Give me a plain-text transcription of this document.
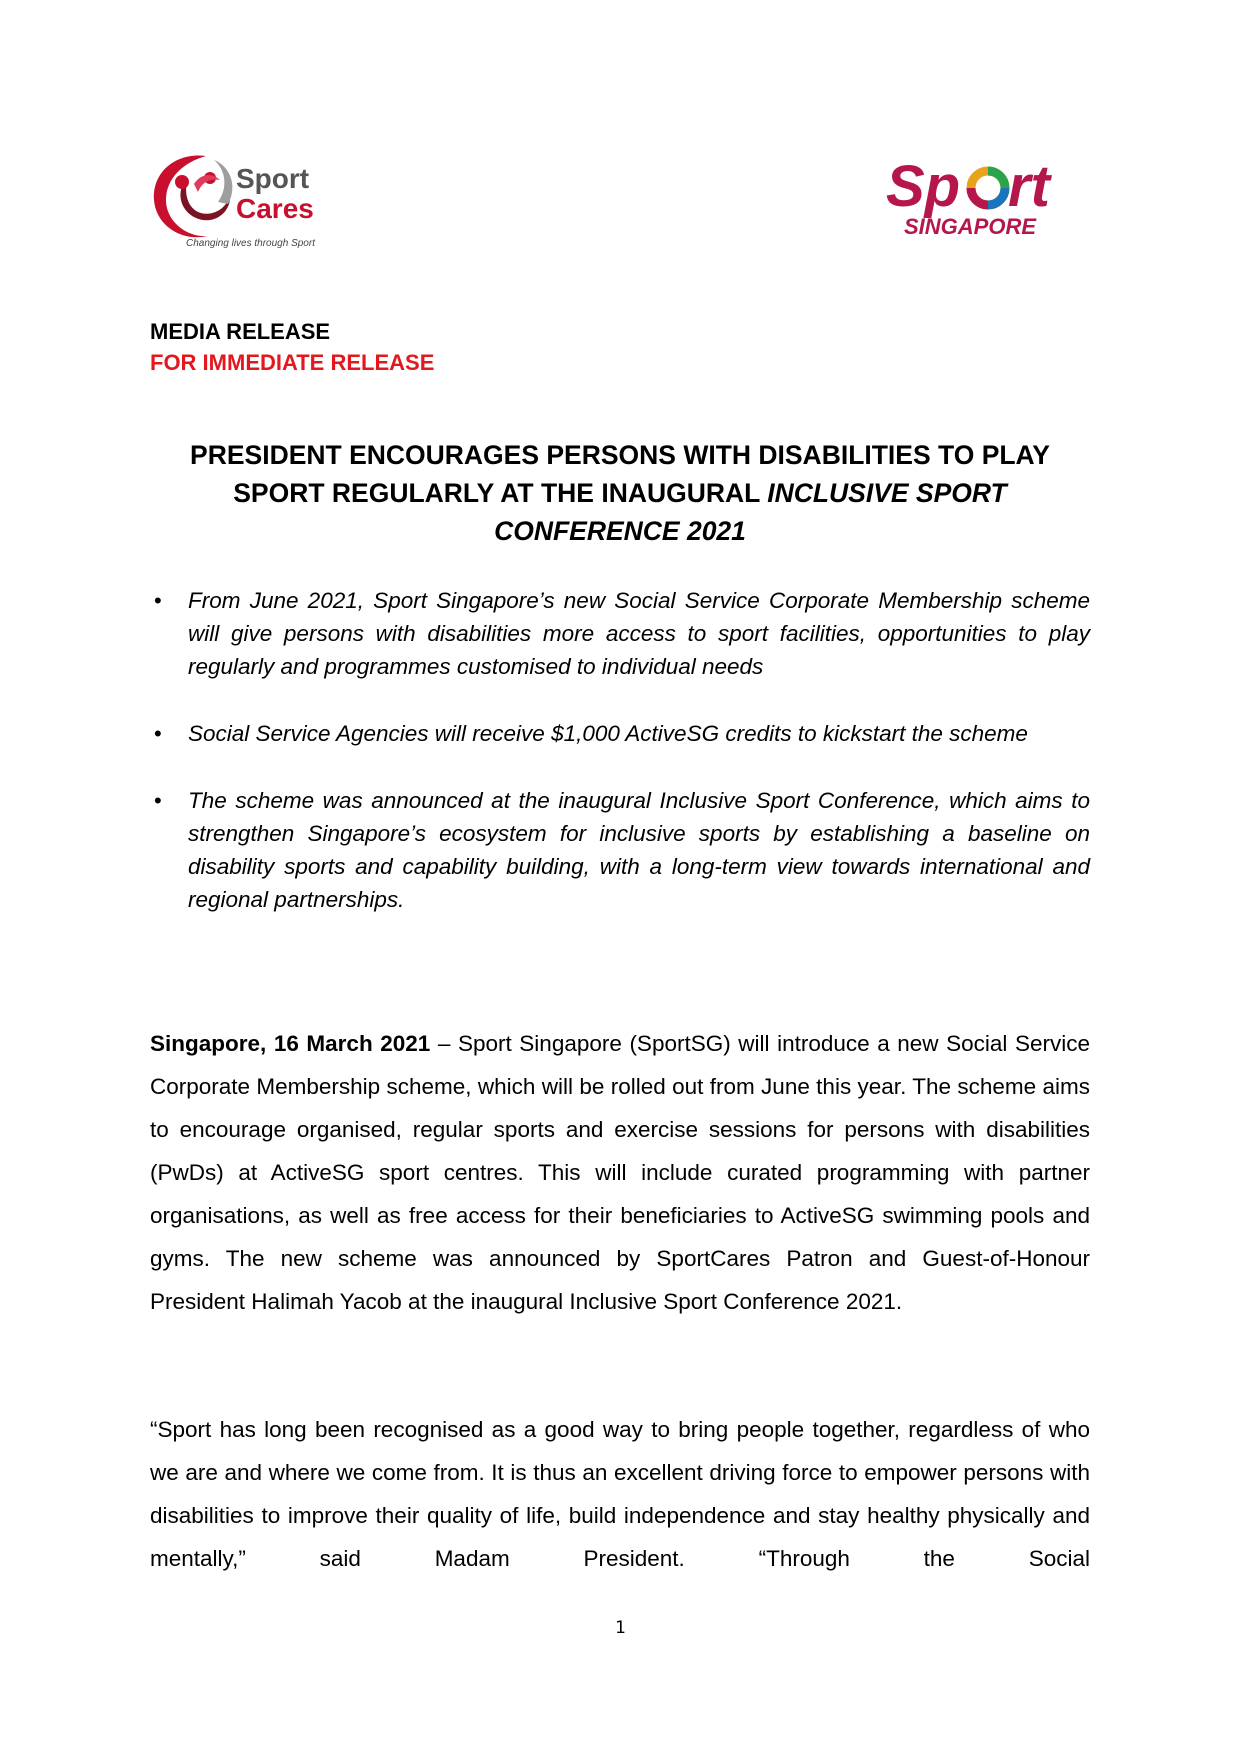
Sport
Cares
Changing lives through Sport
Sp rt
SINGAPORE
MEDIA RELEASE
FOR IMMEDIATE RELEASE
PRESIDENT ENCOURAGES PERSONS WITH DISABILITIES TO PLAY SPORT REGULARLY AT THE INAUGURAL INCLUSIVE SPORT CONFERENCE 2021
• From June 2021, Sport Singapore’s new Social Service Corporate Membership scheme will give persons with disabilities more access to sport facilities, opportunities to play regularly and programmes customised to individual needs
• Social Service Agencies will receive $1,000 ActiveSG credits to kickstart the scheme
• The scheme was announced at the inaugural Inclusive Sport Conference, which aims to strengthen Singapore’s ecosystem for inclusive sports by establishing a baseline on disability sports and capability building, with a long-term view towards international and regional partnerships.

Singapore, 16 March 2021 – Sport Singapore (SportSG) will introduce a new Social Service Corporate Membership scheme, which will be rolled out from June this year. The scheme aims to encourage organised, regular sports and exercise sessions for persons with disabilities (PwDs) at ActiveSG sport centres. This will include curated programming with partner organisations, as well as free access for their beneficiaries to ActiveSG swimming pools and gyms. The new scheme was announced by SportCares Patron and Guest-of-Honour President Halimah Yacob at the inaugural Inclusive Sport Conference 2021.

“Sport has long been recognised as a good way to bring people together, regardless of who we are and where we come from. It is thus an excellent driving force to empower persons with disabilities to improve their quality of life, build independence and stay healthy physically and mentally,” said Madam President. “Through the Social

1
